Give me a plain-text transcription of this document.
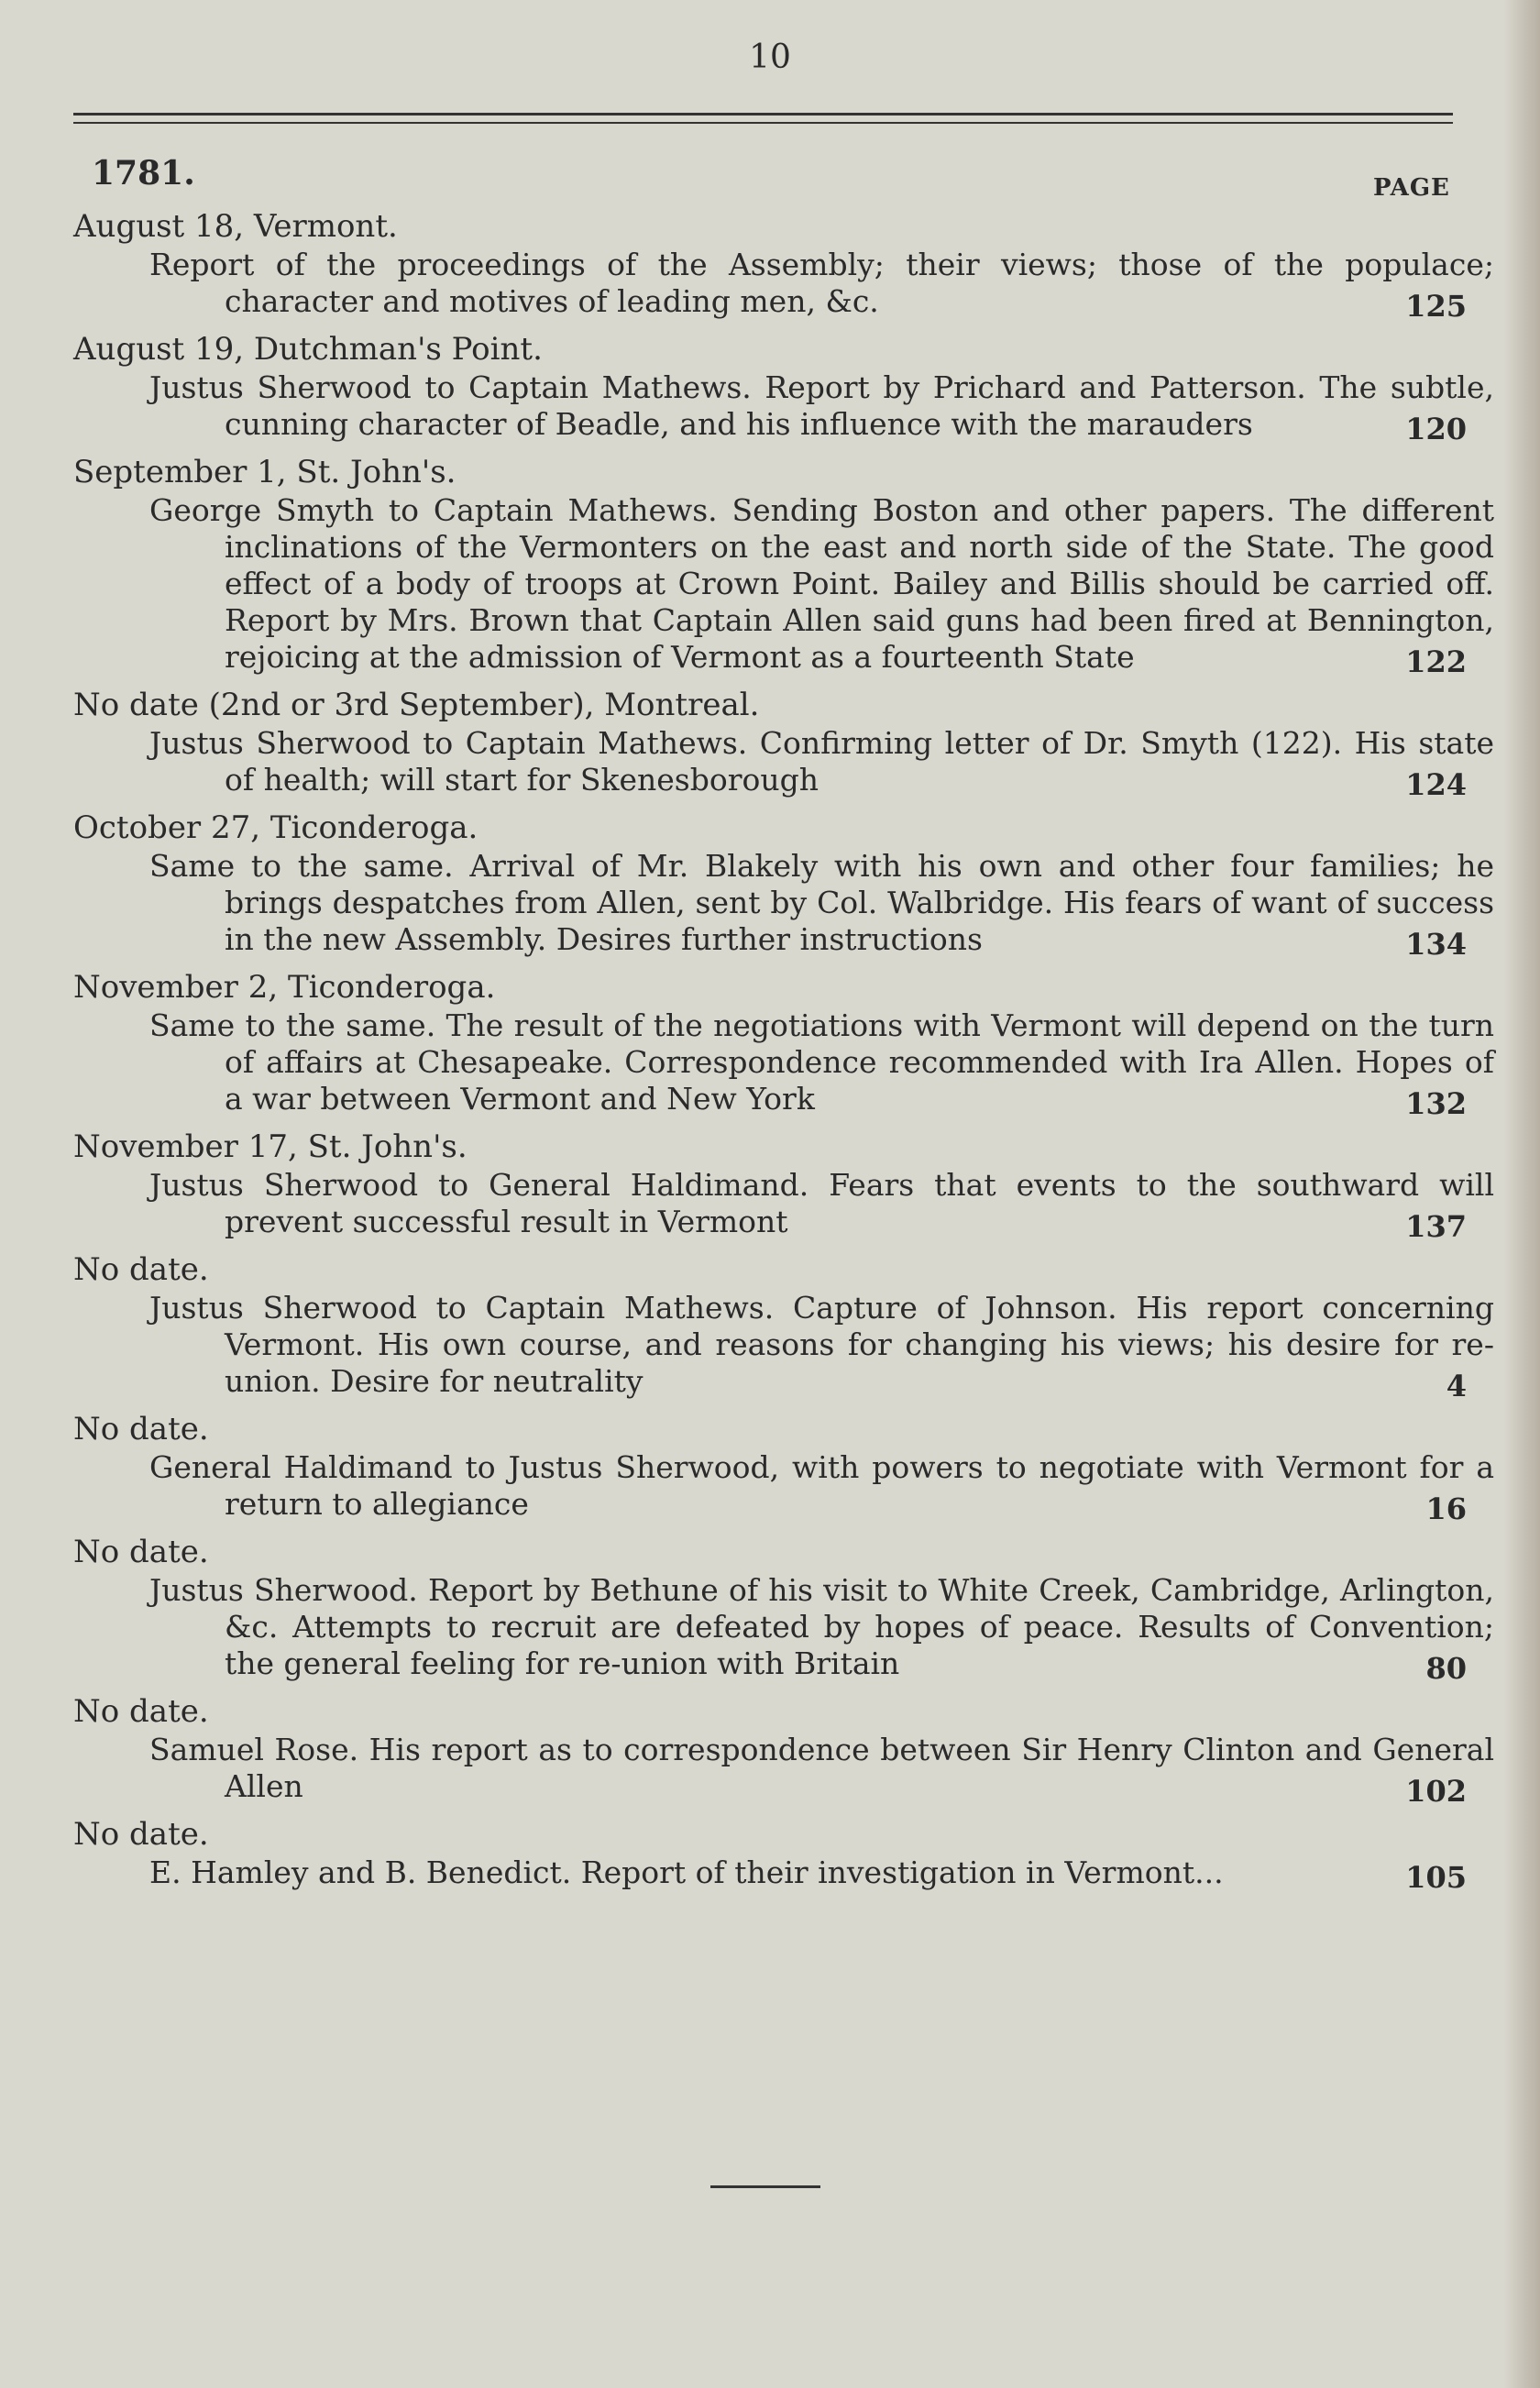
10
1781.	PAGE
August 18, Vermont.

Report of the proceedings of the Assembly; their views; those of the populace; character and motives of leading men, &c.	125
August 19, Dutchman's Point.

Justus Sherwood to Captain Mathews. Report by Prichard and Patterson. The subtle, cunning character of Beadle, and his influence with the marauders	120
September 1, St. John's.

George Smyth to Captain Mathews. Sending Boston and other papers. The different inclinations of the Vermonters on the east and north side of the State. The good effect of a body of troops at Crown Point. Bailey and Billis should be carried off. Report by Mrs. Brown that Captain Allen said guns had been fired at Bennington, rejoicing at the admission of Vermont as a fourteenth State	122
No date (2nd or 3rd September), Montreal.

Justus Sherwood to Captain Mathews. Confirming letter of Dr. Smyth (122). His state of health; will start for Skenesborough	124
October 27, Ticonderoga.

Same to the same. Arrival of Mr. Blakely with his own and other four families; he brings despatches from Allen, sent by Col. Walbridge. His fears of want of success in the new Assembly. Desires further instructions	134
November 2, Ticonderoga.

Same to the same. The result of the negotiations with Vermont will depend on the turn of affairs at Chesapeake. Correspondence recommended with Ira Allen. Hopes of a war between Vermont and New York	132
November 17, St. John's.

Justus Sherwood to General Haldimand. Fears that events to the southward will prevent successful result in Vermont	137
No date.

Justus Sherwood to Captain Mathews. Capture of Johnson. His report concerning Vermont. His own course, and reasons for changing his views; his desire for re-union. Desire for neutrality	4
No date.

General Haldimand to Justus Sherwood, with powers to negotiate with Vermont for a return to allegiance	16
No date.

Justus Sherwood. Report by Bethune of his visit to White Creek, Cambridge, Arlington, &c. Attempts to recruit are defeated by hopes of peace. Results of Convention; the general feeling for re-union with Britain	80
No date.

Samuel Rose. His report as to correspondence between Sir Henry Clinton and General Allen	102
No date.

E. Hamley and B. Benedict. Report of their investigation in Vermont...	105
